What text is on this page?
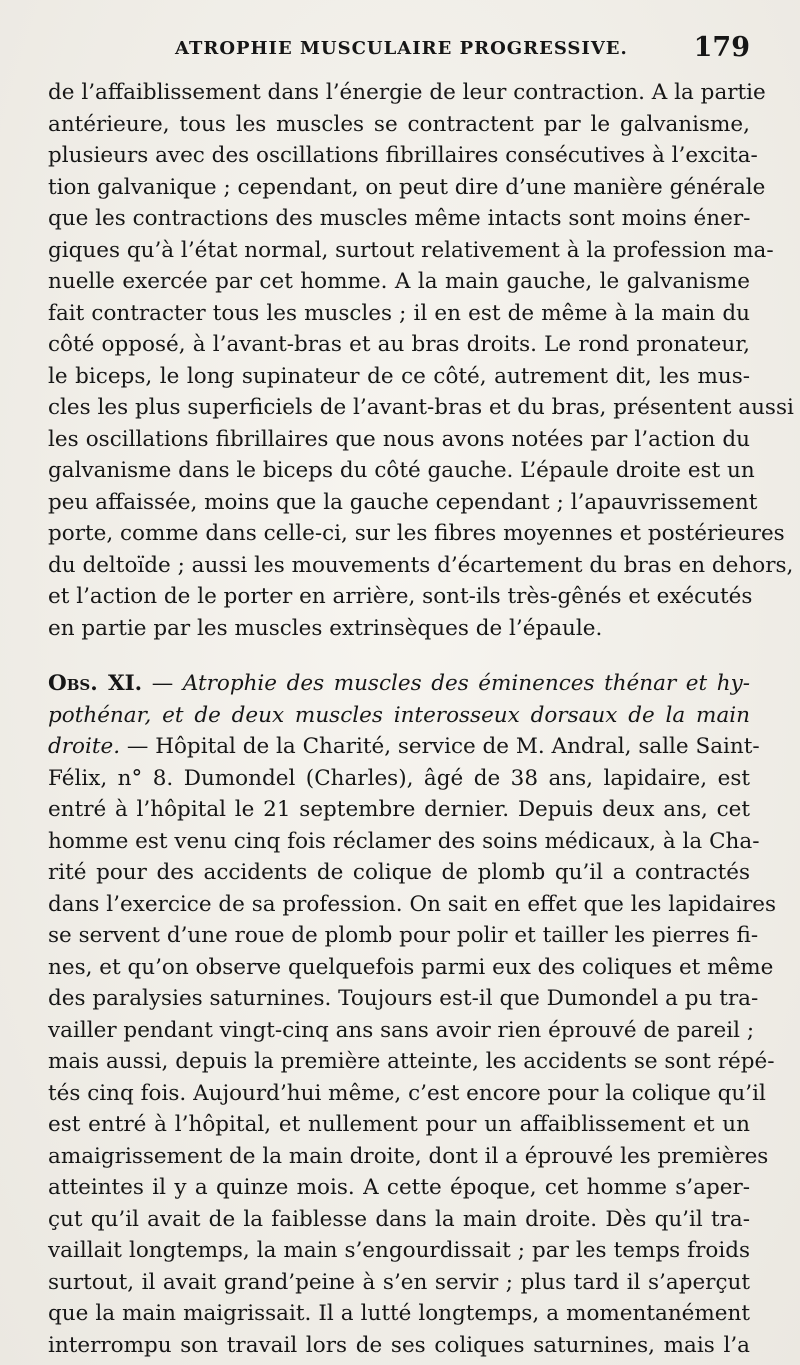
ATROPHIE MUSCULAIRE PROGRESSIVE. 179
de l’affaiblissement dans l’énergie de leur contraction. A la partie
antérieure, tous les muscles se contractent par le galvanisme,
plusieurs avec des oscillations fibrillaires consécutives à l’excita-
tion galvanique ; cependant, on peut dire d’une manière générale
que les contractions des muscles même intacts sont moins éner-
giques qu’à l’état normal, surtout relativement à la profession ma-
nuelle exercée par cet homme. A la main gauche, le galvanisme
fait contracter tous les muscles ; il en est de même à la main du
côté opposé, à l’avant-bras et au bras droits. Le rond pronateur,
le biceps, le long supinateur de ce côté, autrement dit, les mus-
cles les plus superficiels de l’avant-bras et du bras, présentent aussi
les oscillations fibrillaires que nous avons notées par l’action du
galvanisme dans le biceps du côté gauche. L’épaule droite est un
peu affaissée, moins que la gauche cependant ; l’apauvrissement
porte, comme dans celle-ci, sur les fibres moyennes et postérieures
du deltoïde ; aussi les mouvements d’écartement du bras en dehors,
et l’action de le porter en arrière, sont-ils très-gênés et exécutés
en partie par les muscles extrinsèques de l’épaule.
Obs. XI. — Atrophie des muscles des éminences thénar et hy-
pothénar, et de deux muscles interosseux dorsaux de la main
droite. — Hôpital de la Charité, service de M. Andral, salle Saint-
Félix, n° 8. Dumondel (Charles), âgé de 38 ans, lapidaire, est
entré à l’hôpital le 21 septembre dernier. Depuis deux ans, cet
homme est venu cinq fois réclamer des soins médicaux, à la Cha-
rité pour des accidents de colique de plomb qu’il a contractés
dans l’exercice de sa profession. On sait en effet que les lapidaires
se servent d’une roue de plomb pour polir et tailler les pierres fi-
nes, et qu’on observe quelquefois parmi eux des coliques et même
des paralysies saturnines. Toujours est-il que Dumondel a pu tra-
vailler pendant vingt-cinq ans sans avoir rien éprouvé de pareil ;
mais aussi, depuis la première atteinte, les accidents se sont répé-
tés cinq fois. Aujourd’hui même, c’est encore pour la colique qu’il
est entré à l’hôpital, et nullement pour un affaiblissement et un
amaigrissement de la main droite, dont il a éprouvé les premières
atteintes il y a quinze mois. A cette époque, cet homme s’aper-
çut qu’il avait de la faiblesse dans la main droite. Dès qu’il tra-
vaillait longtemps, la main s’engourdissait ; par les temps froids
surtout, il avait grand’peine à s’en servir ; plus tard il s’aperçut
que la main maigrissait. Il a lutté longtemps, a momentanément
interrompu son travail lors de ses coliques saturnines, mais l’a
